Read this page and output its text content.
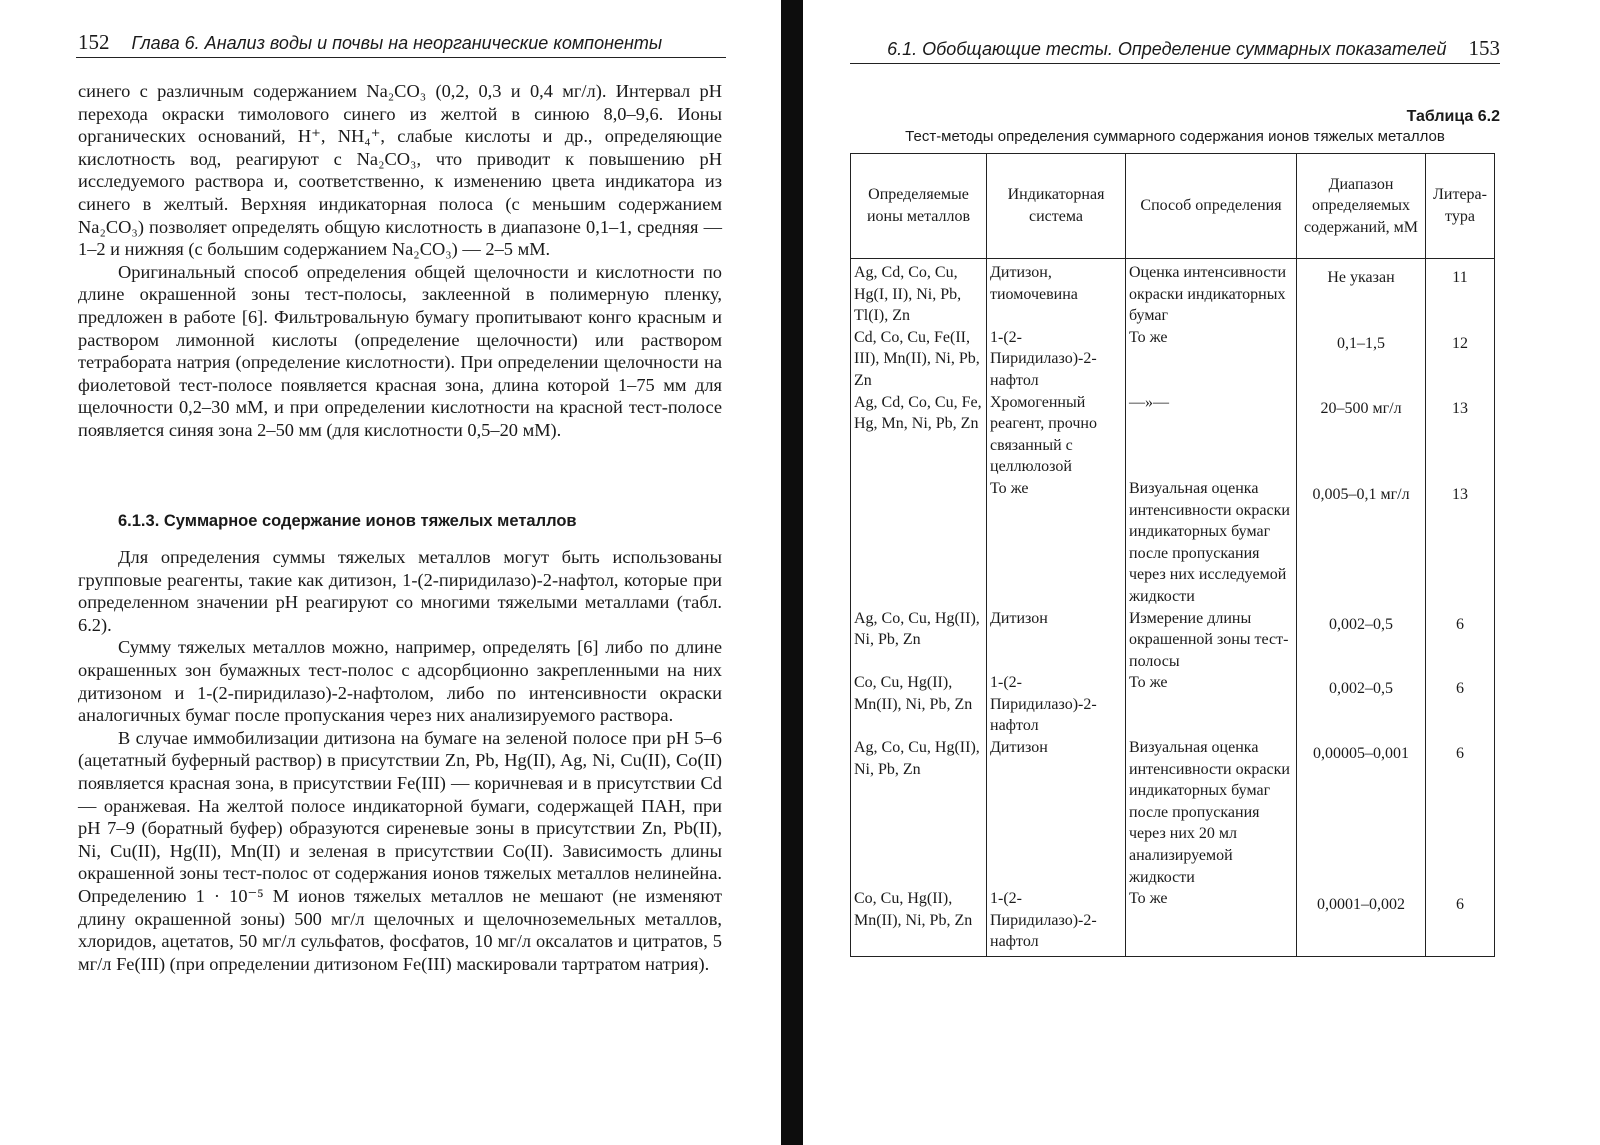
152 Глава 6. Анализ воды и почвы на неорганические компоненты

синего с различным содержанием Na₂CO₃ (0,2, 0,3 и 0,4 мг/л). Интервал рН перехода окраски тимолового синего из желтой в синюю 8,0–9,6. Ионы органических оснований, H⁺, NH₄⁺, слабые кислоты и др., определяющие кислотность вод, реагируют с Na₂CO₃, что приводит к повышению рН исследуемого раствора и, соответственно, к изменению цвета индикатора из синего в желтый. Верхняя индикаторная полоса (с меньшим содержанием Na₂CO₃) позволяет определять общую кислотность в диапазоне 0,1–1, средняя — 1–2 и нижняя (с большим содержанием Na₂CO₃) — 2–5 мМ.

Оригинальный способ определения общей щелочности и кислотности по длине окрашенной зоны тест-полосы, заклеенной в полимерную пленку, предложен в работе [6]. Фильтровальную бумагу пропитывают конго красным и раствором лимонной кислоты (определение щелочности) или раствором тетрабората натрия (определение кислотности). При определении щелочности на фиолетовой тест-полосе появляется красная зона, длина которой 1–75 мм для щелочности 0,2–30 мМ, и при определении кислотности на красной тест-полосе появляется синяя зона 2–50 мм (для кислотности 0,5–20 мМ).

6.1.3. Суммарное содержание ионов тяжелых металлов

Для определения суммы тяжелых металлов могут быть использованы групповые реагенты, такие как дитизон, 1-(2-пиридилазо)-2-нафтол, которые при определенном значении рН реагируют со многими тяжелыми металлами (табл. 6.2).

Сумму тяжелых металлов можно, например, определять [6] либо по длине окрашенных зон бумажных тест-полос с адсорбционно закрепленными на них дитизоном и 1-(2-пиридилазо)-2-нафтолом, либо по интенсивности окраски аналогичных бумаг после пропускания через них анализируемого раствора.

В случае иммобилизации дитизона на бумаге на зеленой полосе при рН 5–6 (ацетатный буферный раствор) в присутствии Zn, Pb, Hg(II), Ag, Ni, Cu(II), Co(II) появляется красная зона, в присутствии Fe(III) — коричневая и в присутствии Cd — оранжевая. На желтой полосе индикаторной бумаги, содержащей ПАН, при рН 7–9 (боратный буфер) образуются сиреневые зоны в присутствии Zn, Pb(II), Ni, Cu(II), Hg(II), Mn(II) и зеленая в присутствии Co(II). Зависимость длины окрашенной зоны тест-полос от содержания ионов тяжелых металлов нелинейна. Определению 1 · 10⁻⁵ М ионов тяжелых металлов не мешают (не изменяют длину окрашенной зоны) 500 мг/л щелочных и щелочноземельных металлов, хлоридов, ацетатов, 50 мг/л сульфатов, фосфатов, 10 мг/л оксалатов и цитратов, 5 мг/л Fe(III) (при определении дитизоном Fe(III) маскировали тартратом натрия).

6.1. Обобщающие тесты. Определение суммарных показателей 153
Таблица 6.2
Тест-методы определения суммарного содержания ионов тяжелых металлов
Определяемые ионы металлов	Индикаторная система	Способ определения	Диапазон определяемых содержаний, мМ	Литера-тура
Ag, Cd, Co, Cu, Hg(I, II), Ni, Pb, Tl(I), Zn	Дитизон, тиомочевина	Оценка интенсивности окраски индикаторных бумаг	Не указан	11
Cd, Co, Cu, Fe(II, III), Mn(II), Ni, Pb, Zn	1-(2-Пиридилазо)-2-нафтол	То же	0,1–1,5	12
Ag, Cd, Co, Cu, Fe, Hg, Mn, Ni, Pb, Zn	Хромогенный реагент, прочно связанный с целлюлозой	—»—	20–500 мг/л	13
	То же	Визуальная оценка интенсивности окраски индикаторных бумаг после пропускания через них исследуемой жидкости	0,005–0,1 мг/л	13
Ag, Co, Cu, Hg(II), Ni, Pb, Zn	Дитизон	Измерение длины окрашенной зоны тест-полосы	0,002–0,5	6
Co, Cu, Hg(II), Mn(II), Ni, Pb, Zn	1-(2-Пиридилазо)-2-нафтол	То же	0,002–0,5	6
Ag, Co, Cu, Hg(II), Ni, Pb, Zn	Дитизон	Визуальная оценка интенсивности окраски индикаторных бумаг после пропускания через них 20 мл анализируемой жидкости	0,00005–0,001	6
Co, Cu, Hg(II), Mn(II), Ni, Pb, Zn	1-(2-Пиридилазо)-2-нафтол	То же	0,0001–0,002	6
